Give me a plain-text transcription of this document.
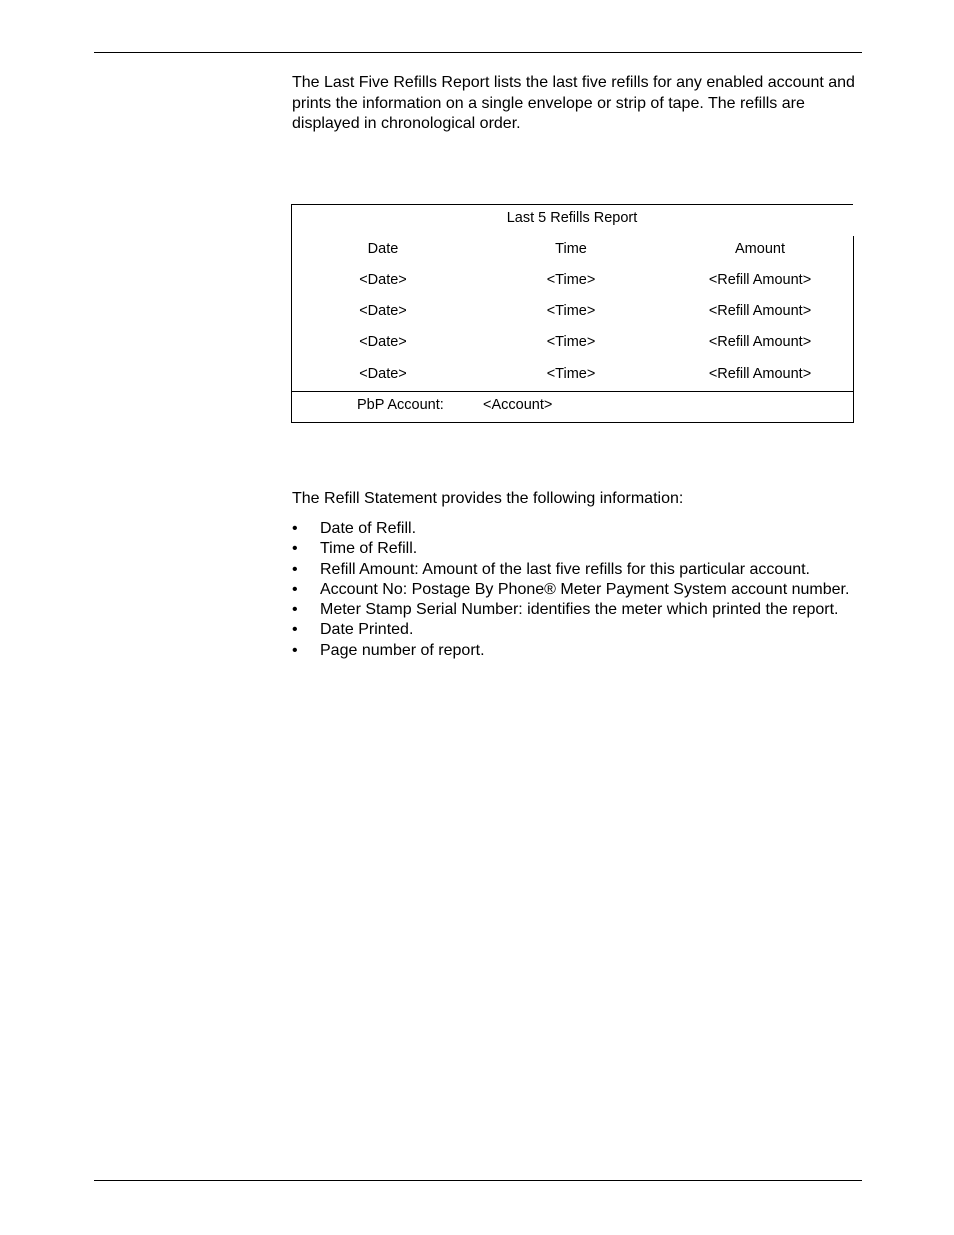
The Last Five Refills Report lists the last five refills for any enabled account and prints the information on a single envelope or strip of tape. The refills are displayed in chronological order.

Last 5 Refills Report
Date	Time	Amount
<Date>	<Time>	<Refill Amount>
<Date>	<Time>	<Refill Amount>
<Date>	<Time>	<Refill Amount>
<Date>	<Time>	<Refill Amount>
PbP Account:	<Account>

The Refill Statement provides the following information:

• Date of Refill.
• Time of Refill.
• Refill Amount: Amount of the last five refills for this particular account.
• Account No: Postage By Phone® Meter Payment System account number.
• Meter Stamp Serial Number: identifies the meter which printed the report.
• Date Printed.
• Page number of report.
